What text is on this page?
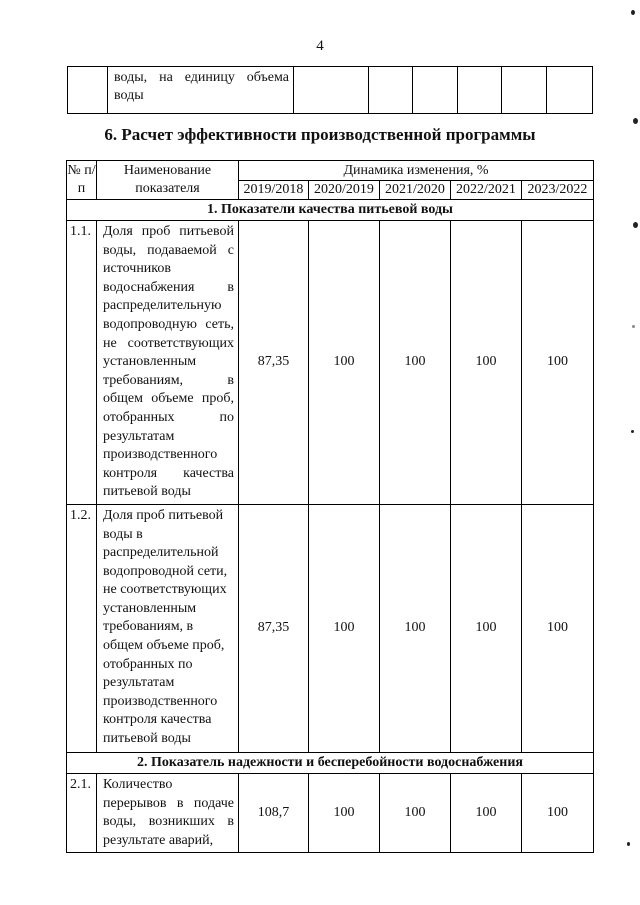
4
	воды, на единицу объема воды						
6. Расчет эффективности производственной программы
№ п/п	Наименование показателя	Динамика изменения, %				
		2019/2018	2020/2019	2021/2020	2022/2021	2023/2022
1. Показатели качества питьевой воды						
1.1.	Доля проб питьевой воды, подаваемой с источников водоснабжения в распределительную водопроводную сеть, не соответствующих установленным требованиям, в общем объеме проб, отобранных по результатам производственного контроля качества питьевой воды	87,35	100	100	100	100
1.2.	Доля проб питьевой воды в распределительной водопроводной сети, не соответствующих установленным требованиям, в общем объеме проб, отобранных по результатам производственного контроля качества питьевой воды	87,35	100	100	100	100
2. Показатель надежности и бесперебойности водоснабжения						
2.1.	Количество перерывов в подаче воды, возникших в результате аварий,	108,7	100	100	100	100
